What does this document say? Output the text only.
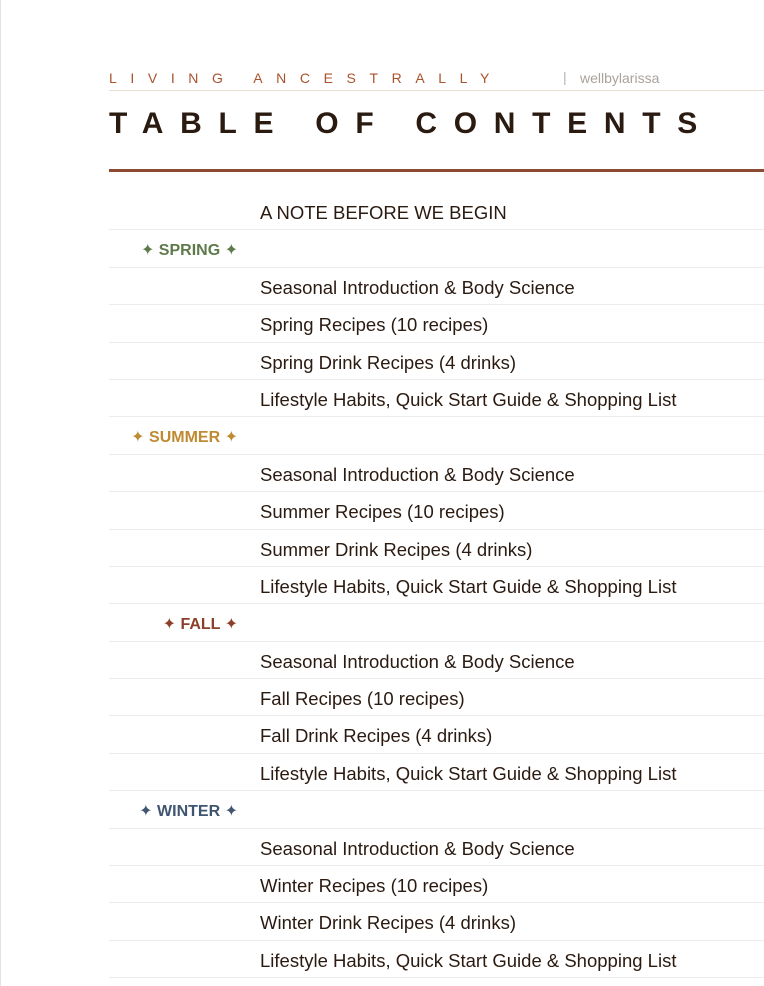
LIVING ANCESTRALLY	| wellbylarissa
TABLE OF CONTENTS
A NOTE BEFORE WE BEGIN
✦ SPRING ✦
Seasonal Introduction & Body Science
Spring Recipes (10 recipes)
Spring Drink Recipes (4 drinks)
Lifestyle Habits, Quick Start Guide & Shopping List
✦ SUMMER ✦
Seasonal Introduction & Body Science
Summer Recipes (10 recipes)
Summer Drink Recipes (4 drinks)
Lifestyle Habits, Quick Start Guide & Shopping List
✦ FALL ✦
Seasonal Introduction & Body Science
Fall Recipes (10 recipes)
Fall Drink Recipes (4 drinks)
Lifestyle Habits, Quick Start Guide & Shopping List
✦ WINTER ✦
Seasonal Introduction & Body Science
Winter Recipes (10 recipes)
Winter Drink Recipes (4 drinks)
Lifestyle Habits, Quick Start Guide & Shopping List
